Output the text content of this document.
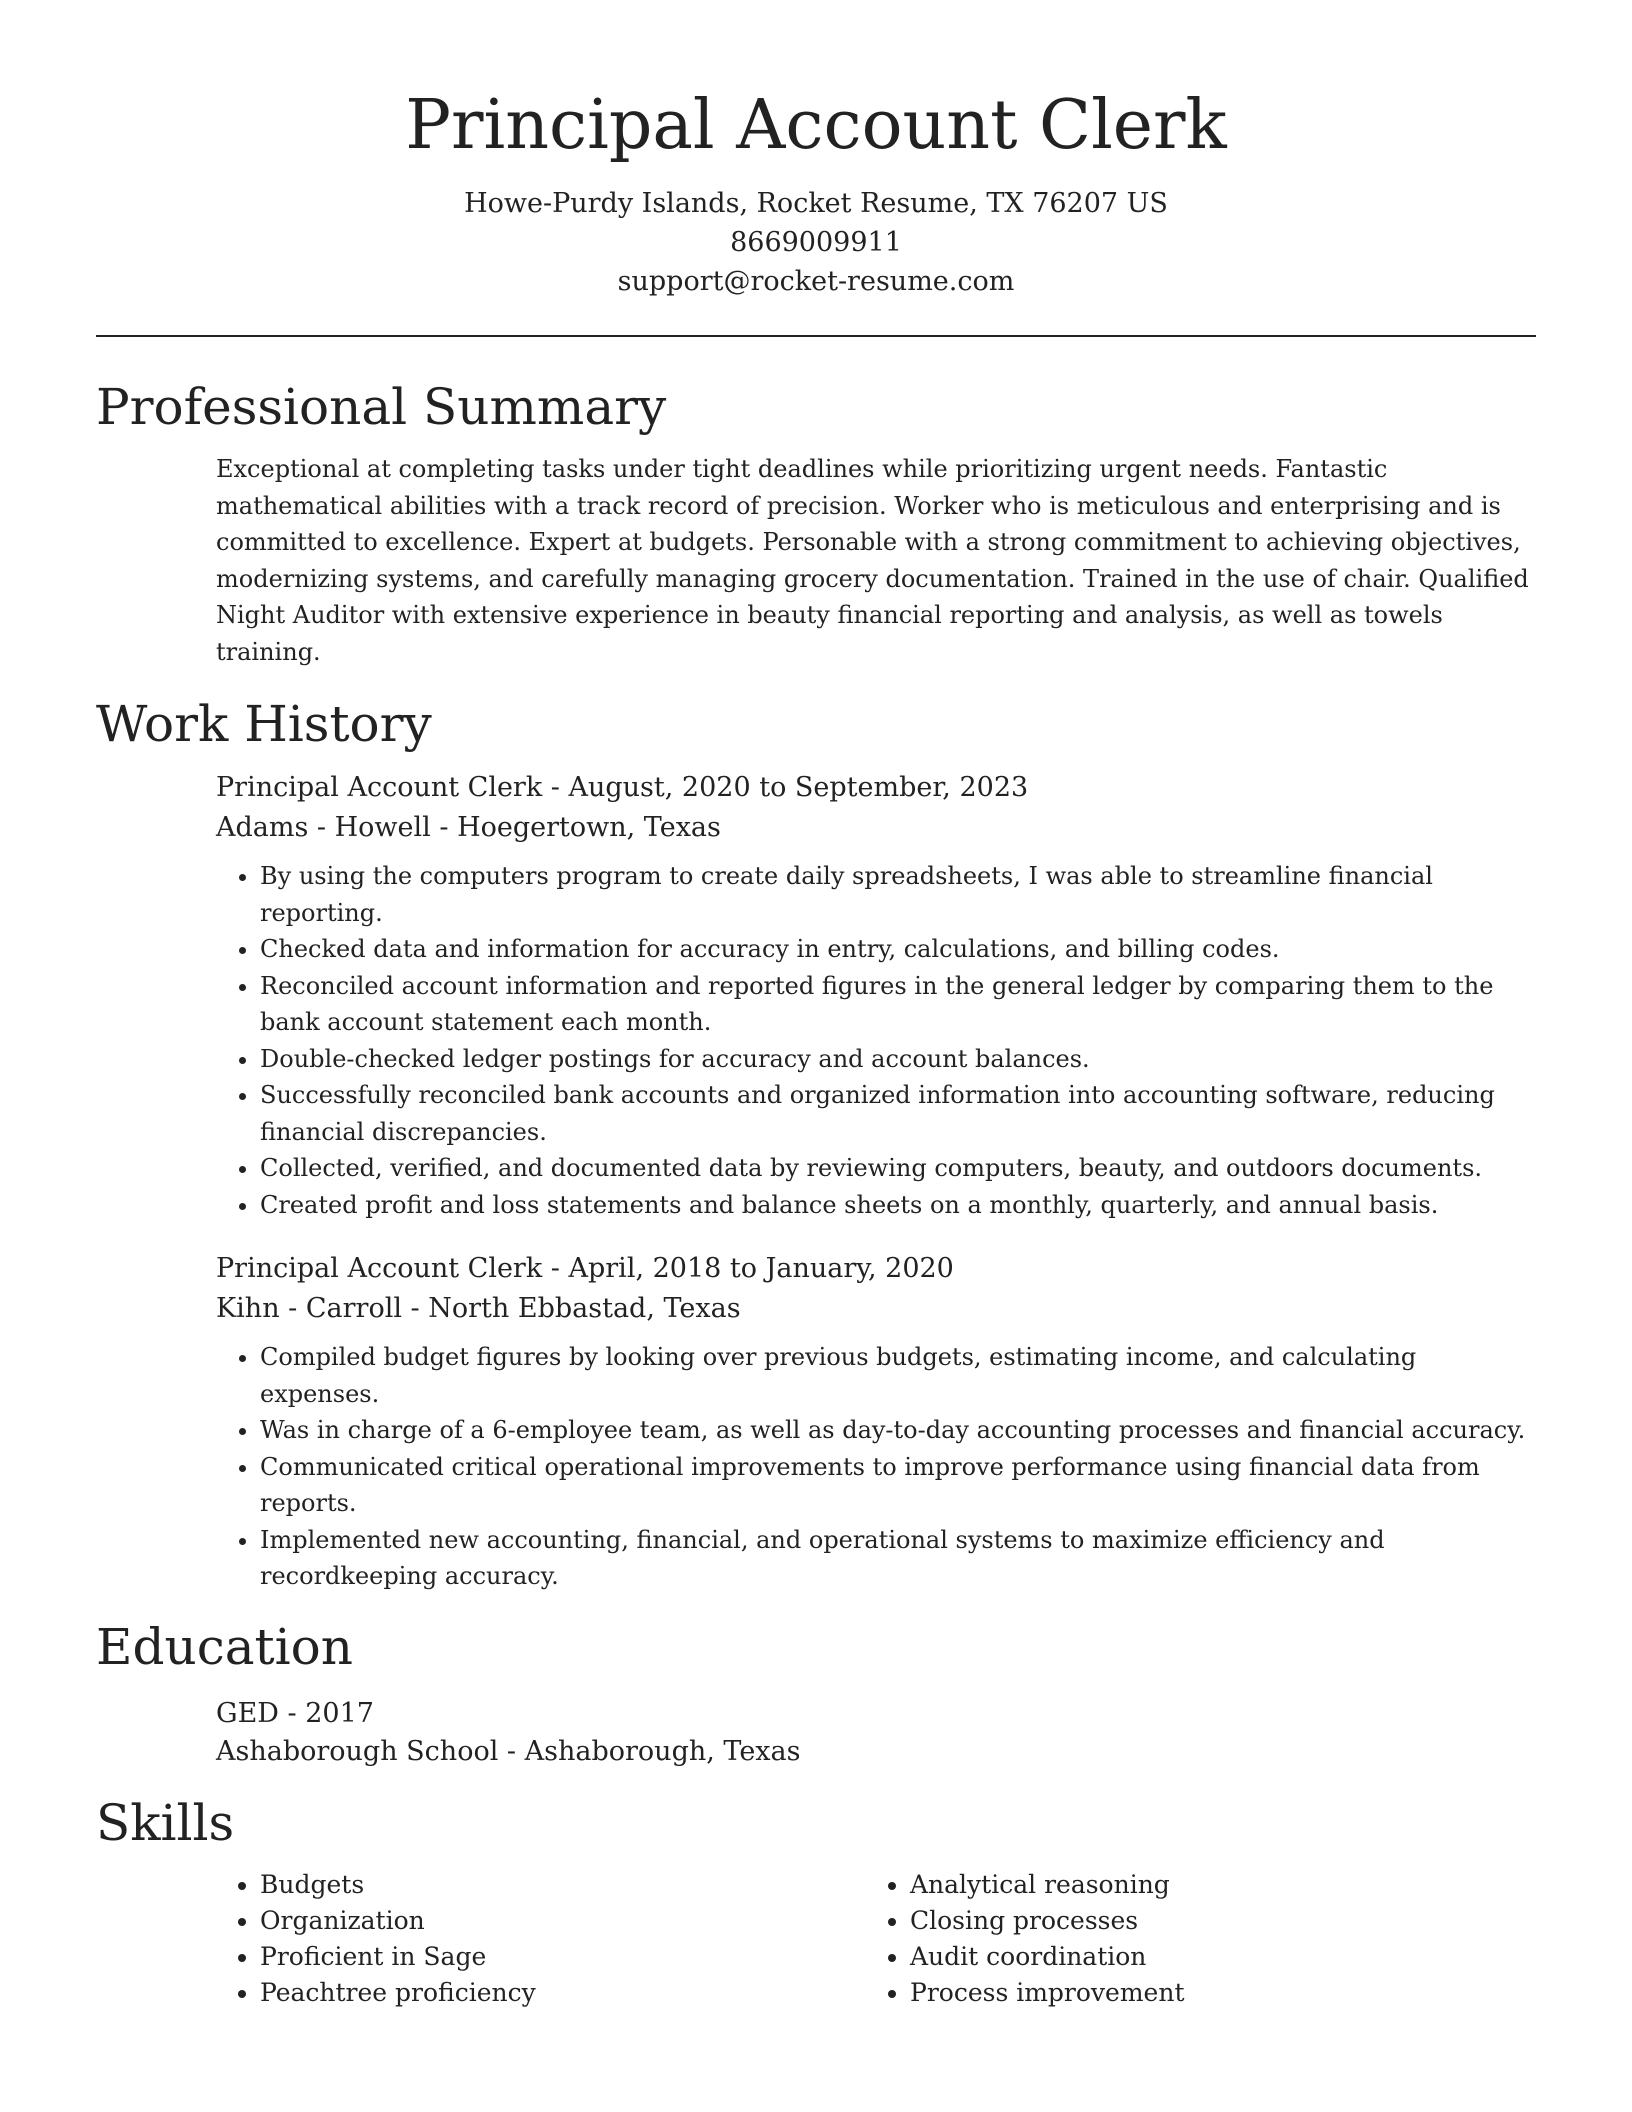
Principal Account Clerk
Howe-Purdy Islands, Rocket Resume, TX 76207 US
8669009911
support@rocket-resume.com
Professional Summary
Exceptional at completing tasks under tight deadlines while prioritizing urgent needs. Fantastic mathematical abilities with a track record of precision. Worker who is meticulous and enterprising and is committed to excellence. Expert at budgets. Personable with a strong commitment to achieving objectives, modernizing systems, and carefully managing grocery documentation. Trained in the use of chair. Qualified Night Auditor with extensive experience in beauty financial reporting and analysis, as well as towels training.
Work History
Principal Account Clerk - August, 2020 to September, 2023
Adams - Howell - Hoegertown, Texas
• By using the computers program to create daily spreadsheets, I was able to streamline financial reporting.
• Checked data and information for accuracy in entry, calculations, and billing codes.
• Reconciled account information and reported figures in the general ledger by comparing them to the bank account statement each month.
• Double-checked ledger postings for accuracy and account balances.
• Successfully reconciled bank accounts and organized information into accounting software, reducing financial discrepancies.
• Collected, verified, and documented data by reviewing computers, beauty, and outdoors documents.
• Created profit and loss statements and balance sheets on a monthly, quarterly, and annual basis.
Principal Account Clerk - April, 2018 to January, 2020
Kihn - Carroll - North Ebbastad, Texas
• Compiled budget figures by looking over previous budgets, estimating income, and calculating expenses.
• Was in charge of a 6-employee team, as well as day-to-day accounting processes and financial accuracy.
• Communicated critical operational improvements to improve performance using financial data from reports.
• Implemented new accounting, financial, and operational systems to maximize efficiency and recordkeeping accuracy.
Education
GED - 2017
Ashaborough School - Ashaborough, Texas
Skills
• Budgets
• Organization
• Proficient in Sage
• Peachtree proficiency
• Analytical reasoning
• Closing processes
• Audit coordination
• Process improvement
